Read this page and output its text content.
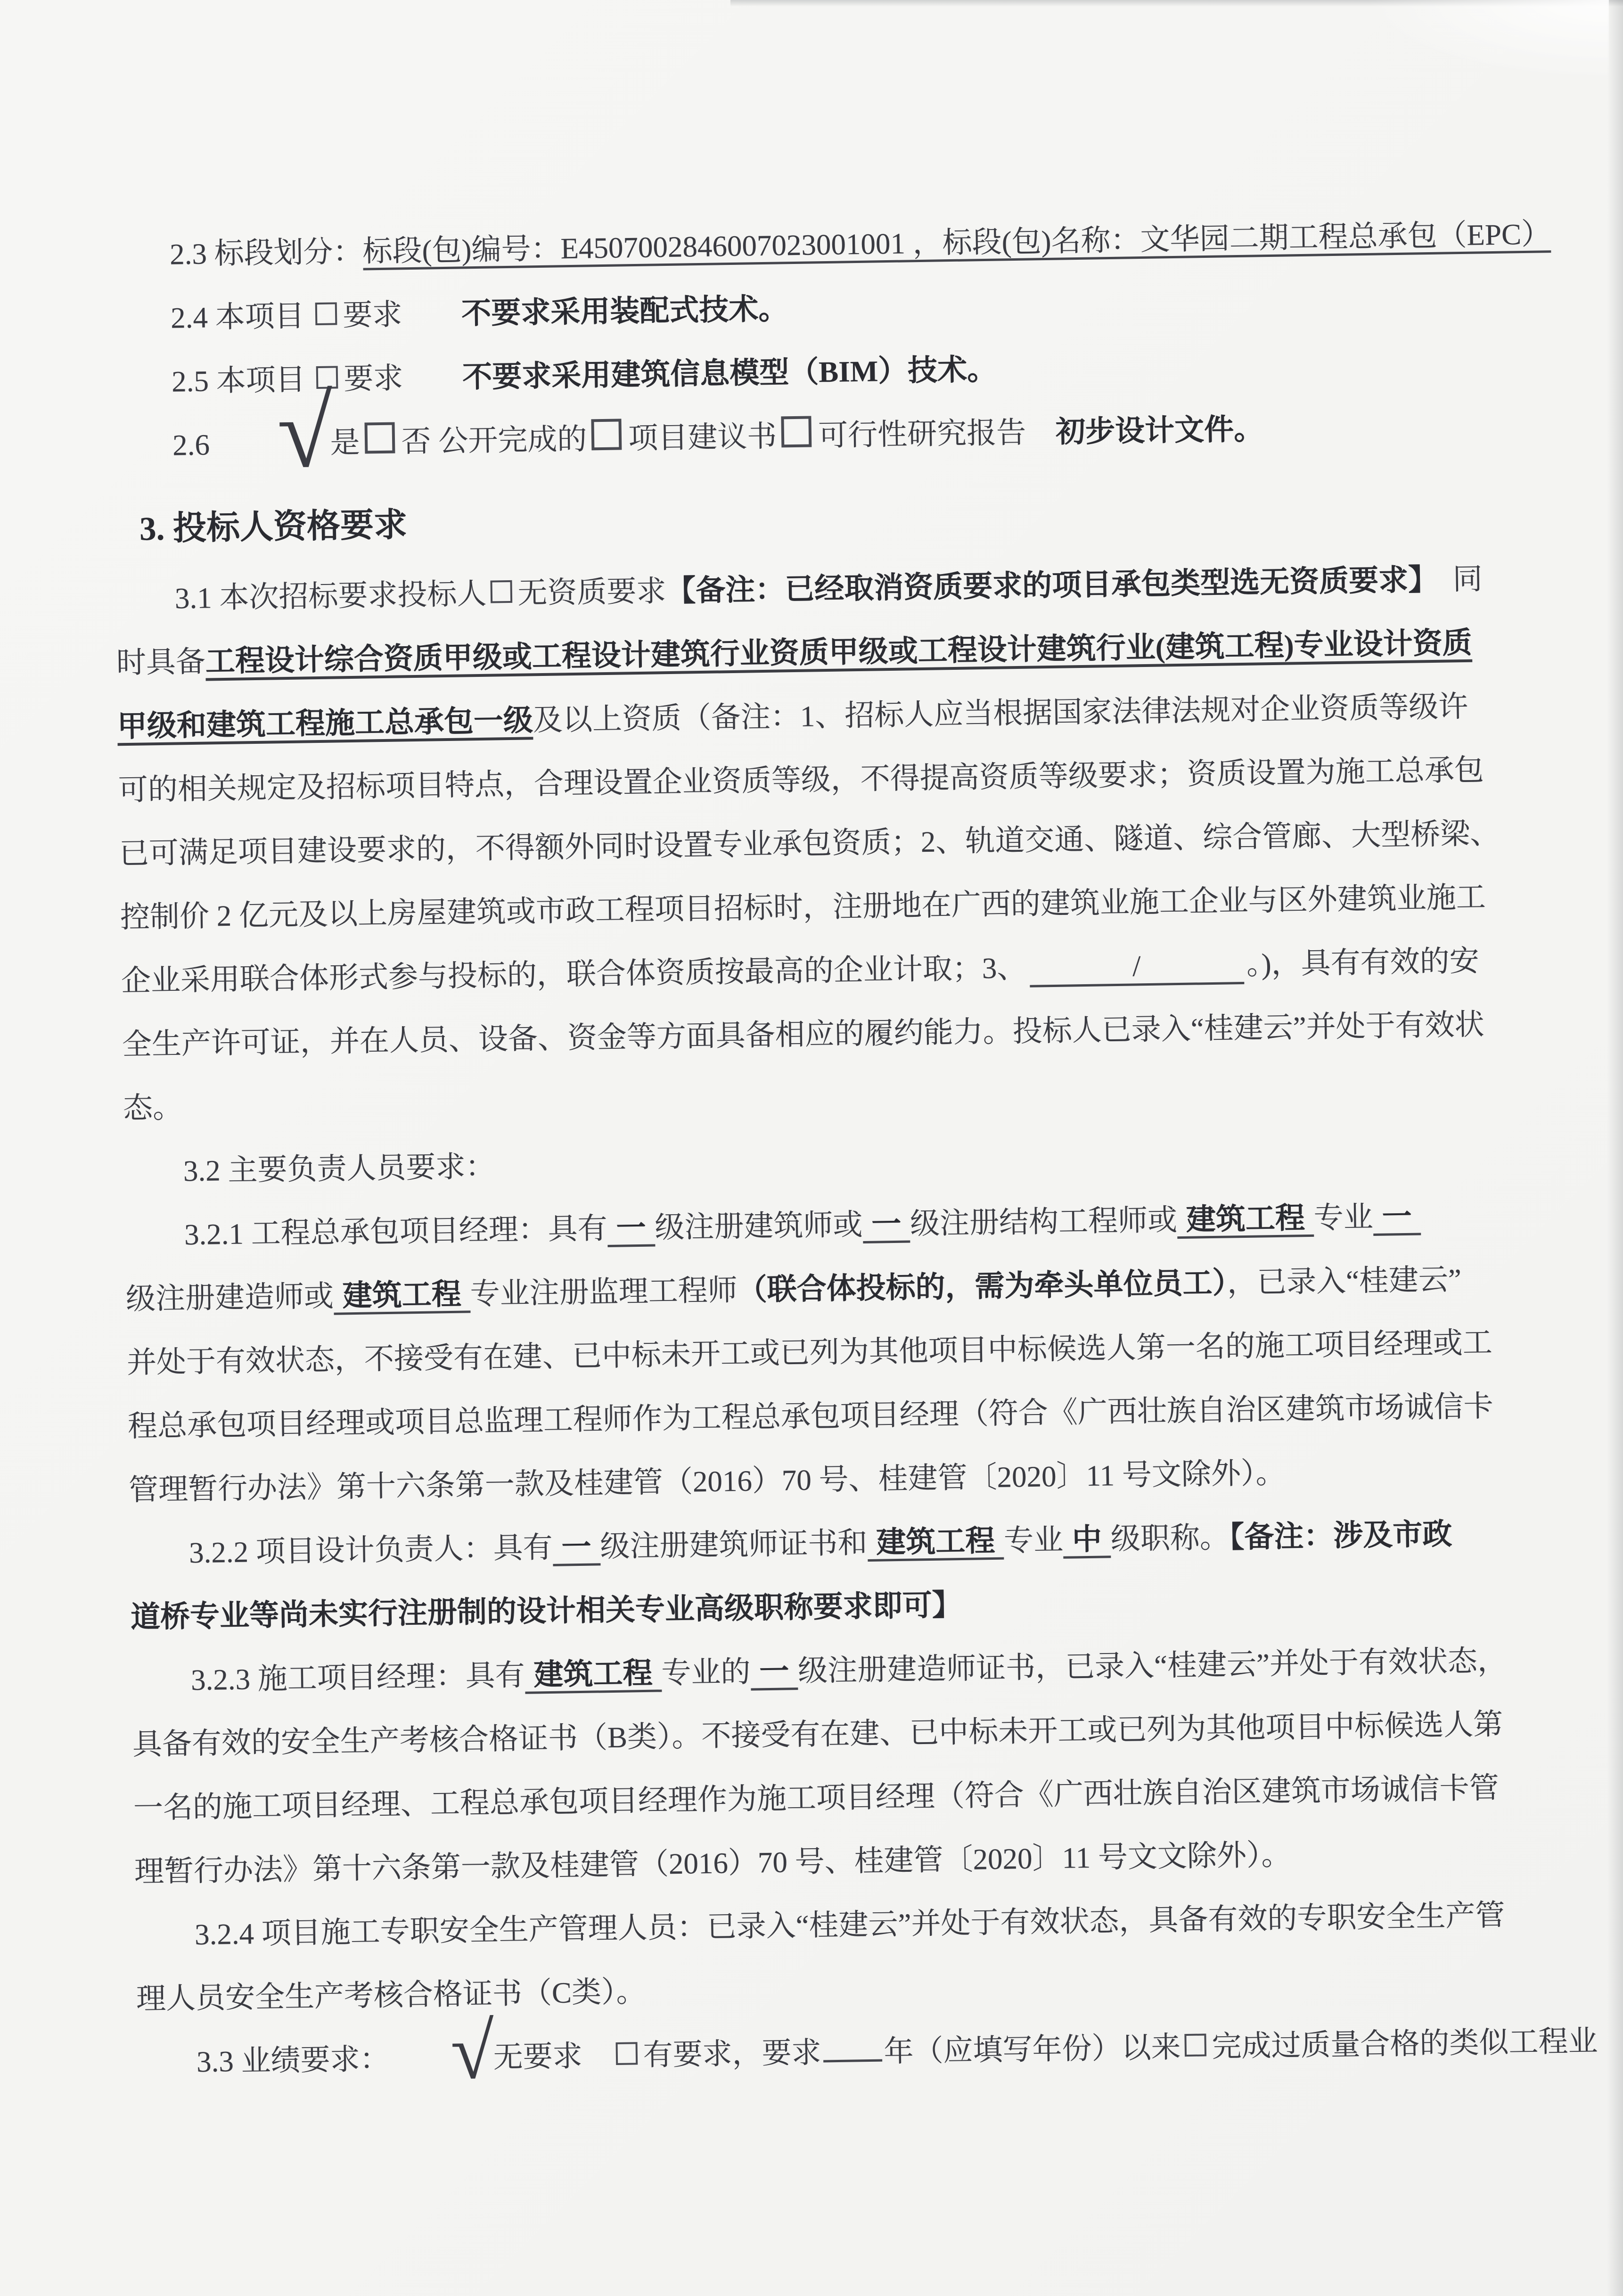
2.3 标段划分：标段(包)编号：E4507002846007023001001 ，标段(包)名称：文华园二期工程总承包（EPC）
2.4 本项目 要求　　不要求采用装配式技术。
2.5 本项目 要求　　不要求采用建筑信息模型（BIM）技术。
2.6 √是 否 公开完成的 项目建议书 可行性研究报告　初步设计文件。
3. 投标人资格要求
3.1 本次招标要求投标人 无资质要求【备注：已经取消资质要求的项目承包类型选无资质要求】　同
时具备工程设计综合资质甲级或工程设计建筑行业资质甲级或工程设计建筑行业(建筑工程)专业设计资质
甲级和建筑工程施工总承包一级及以上资质（备注：1、招标人应当根据国家法律法规对企业资质等级许
可的相关规定及招标项目特点，合理设置企业资质等级，不得提高资质等级要求；资质设置为施工总承包
已可满足项目建设要求的，不得额外同时设置专业承包资质；2、轨道交通、隧道、综合管廊、大型桥梁、
控制价 2 亿元及以上房屋建筑或市政工程项目招标时，注册地在广西的建筑业施工企业与区外建筑业施工
企业采用联合体形式参与投标的，联合体资质按最高的企业计取；3、	/	。)，具有有效的安
全生产许可证，并在人员、设备、资金等方面具备相应的履约能力。投标人已录入“桂建云”并处于有效状
态。
3.2 主要负责人员要求：
3.2.1 工程总承包项目经理：具有 一 级注册建筑师或 一 级注册结构工程师或 建筑工程 专业 一
级注册建造师或 建筑工程 专业注册监理工程师（联合体投标的，需为牵头单位员工），已录入“桂建云”
并处于有效状态，不接受有在建、已中标未开工或已列为其他项目中标候选人第一名的施工项目经理或工
程总承包项目经理或项目总监理工程师作为工程总承包项目经理（符合《广西壮族自治区建筑市场诚信卡
管理暂行办法》第十六条第一款及桂建管（2016）70 号、桂建管〔2020〕11 号文除外）。
3.2.2 项目设计负责人：具有 一 级注册建筑师证书和 建筑工程 专业 中 级职称。【备注：涉及市政
道桥专业等尚未实行注册制的设计相关专业高级职称要求即可】
3.2.3 施工项目经理：具有 建筑工程 专业的 一 级注册建造师证书，已录入“桂建云”并处于有效状态，
具备有效的安全生产考核合格证书（B类）。不接受有在建、已中标未开工或已列为其他项目中标候选人第
一名的施工项目经理、工程总承包项目经理作为施工项目经理（符合《广西壮族自治区建筑市场诚信卡管
理暂行办法》第十六条第一款及桂建管（2016）70 号、桂建管〔2020〕11 号文文除外）。
3.2.4 项目施工专职安全生产管理人员：已录入“桂建云”并处于有效状态，具备有效的专职安全生产管
理人员安全生产考核合格证书（C类）。
3.3 业绩要求： √无要求　有要求，要求 年（应填写年份）以来 完成过质量合格的类似工程业
